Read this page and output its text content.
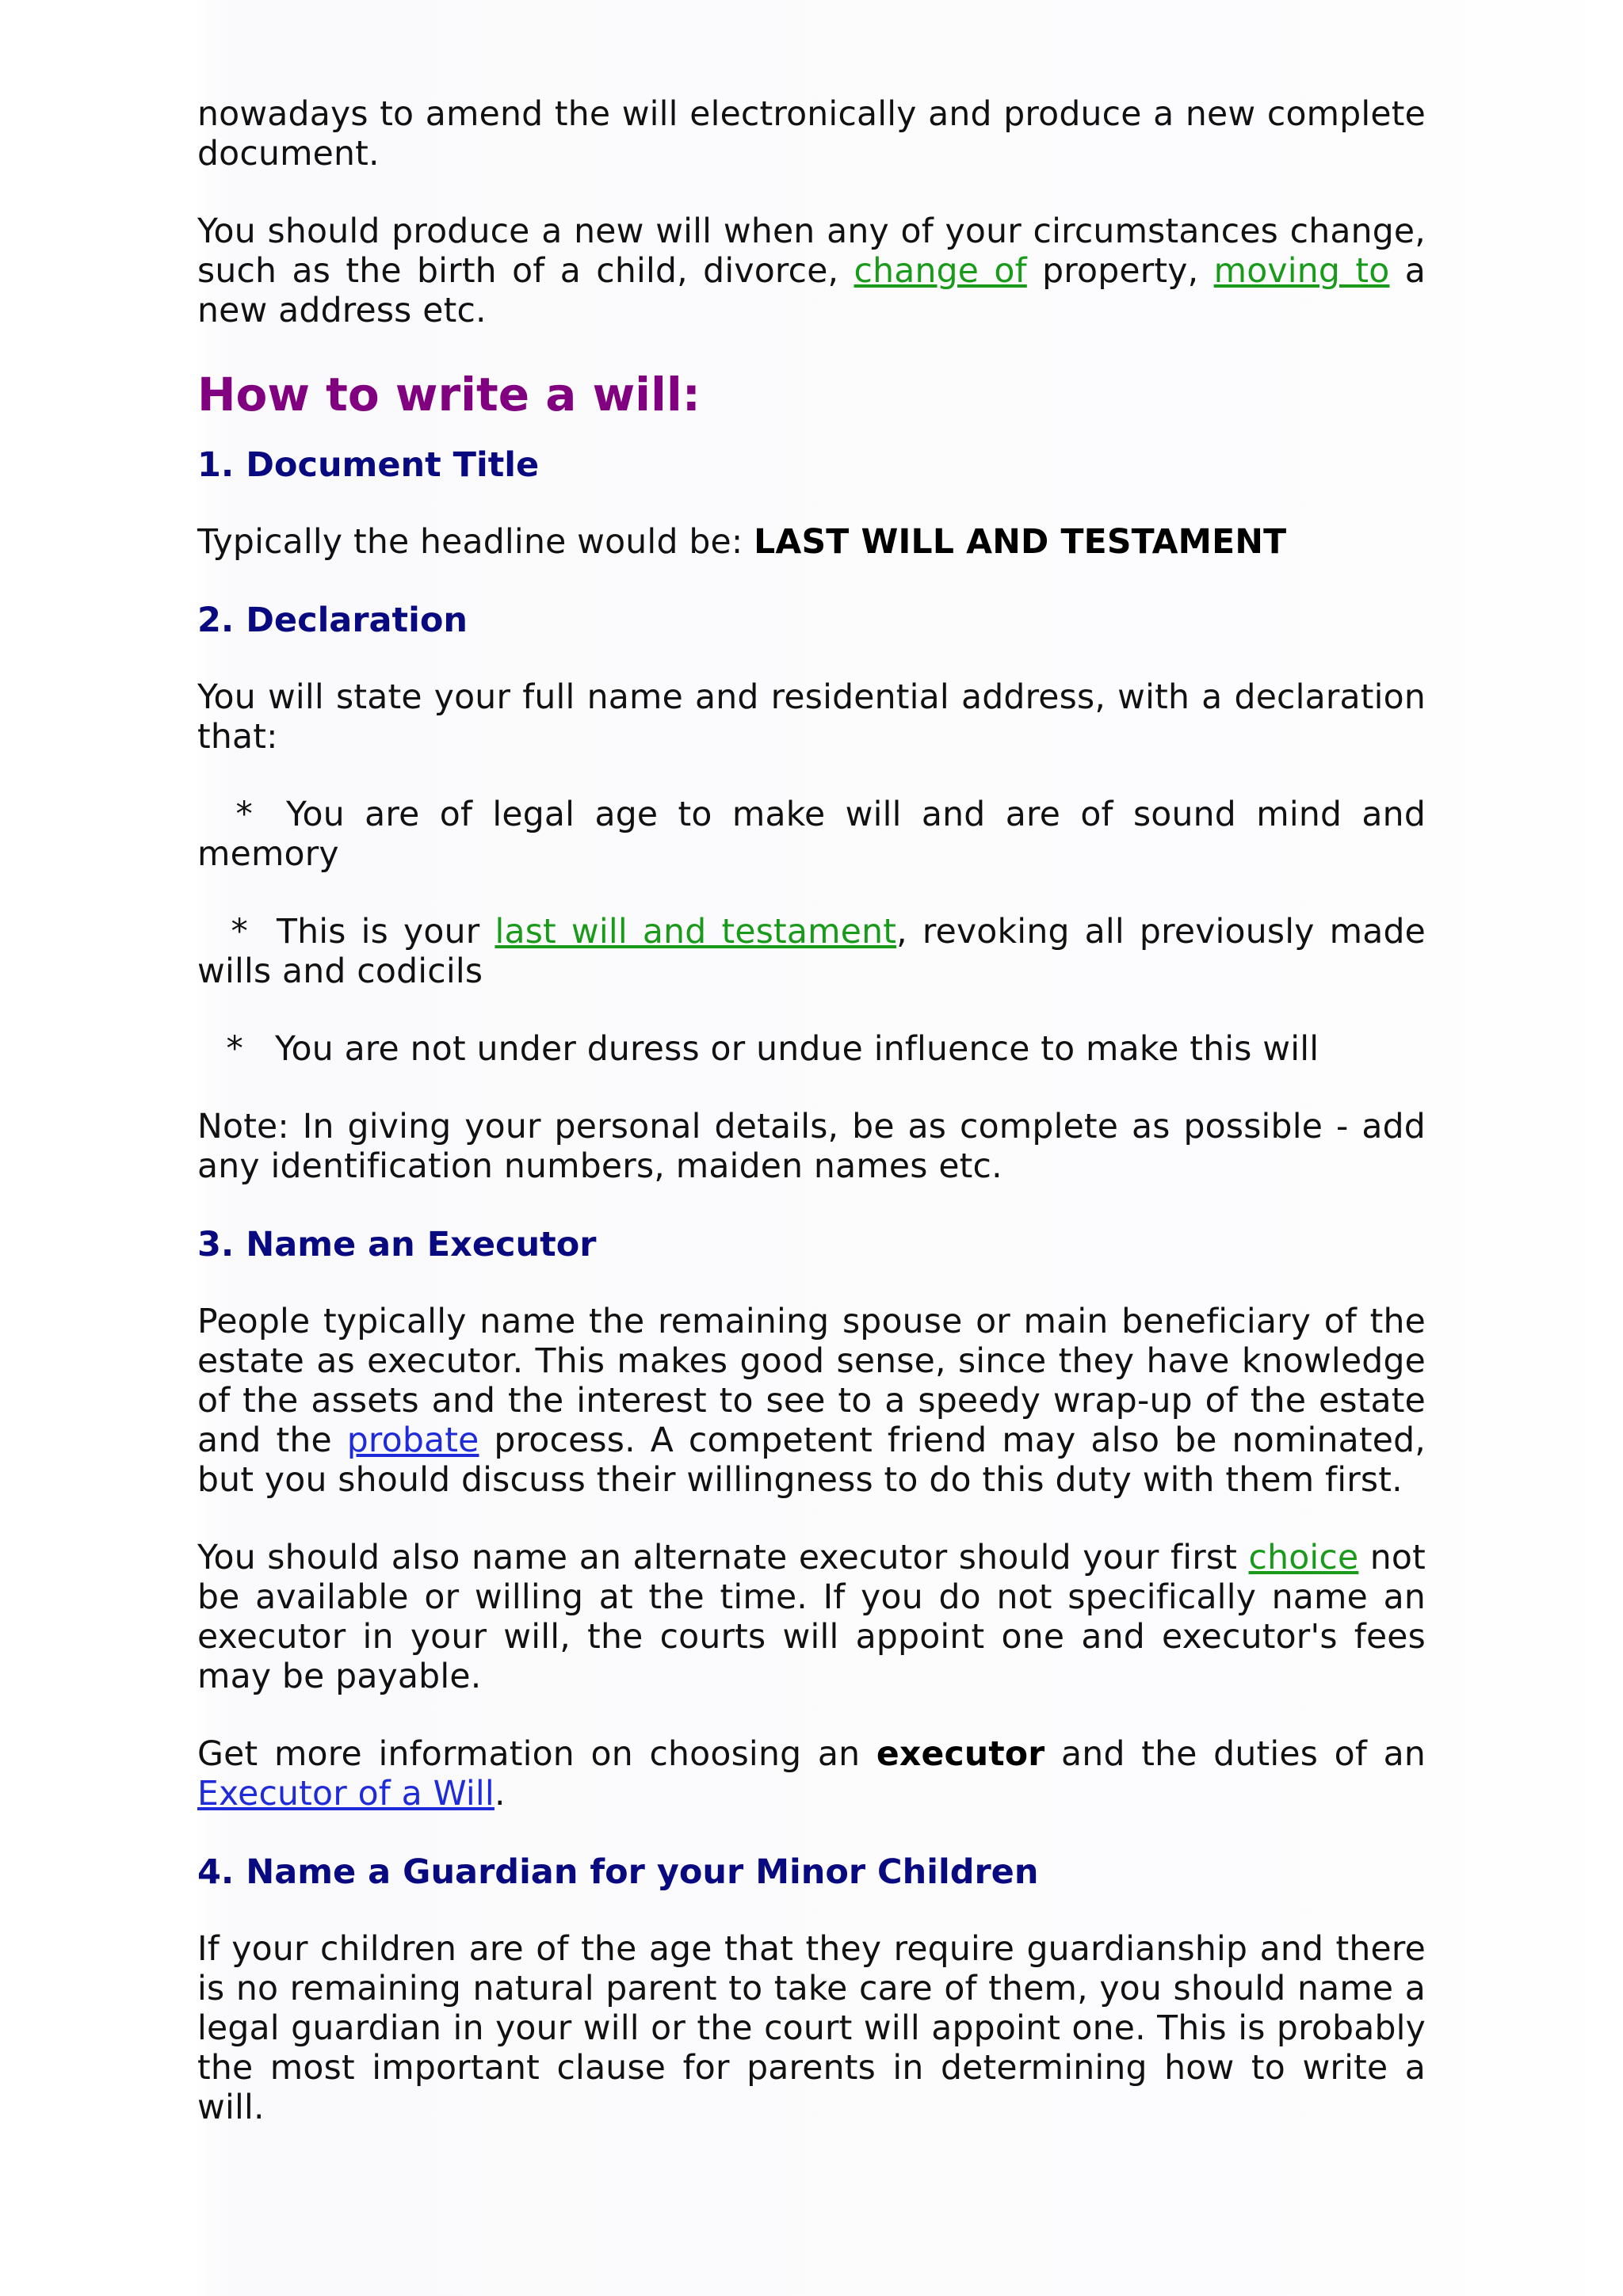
nowadays to amend the will electronically and produce a new complete document.

You should produce a new will when any of your circumstances change, such as the birth of a child, divorce, change of property, moving to a new address etc.

How to write a will:
1. Document Title

Typically the headline would be: LAST WILL AND TESTAMENT

2. Declaration

You will state your full name and residential address, with a declaration that:

* You are of legal age to make will and are of sound mind and memory

* This is your last will and testament, revoking all previously made wills and codicils

* You are not under duress or undue influence to make this will

Note: In giving your personal details, be as complete as possible - add any identification numbers, maiden names etc.

3. Name an Executor

People typically name the remaining spouse or main beneficiary of the estate as executor. This makes good sense, since they have knowledge of the assets and the interest to see to a speedy wrap-up of the estate and the probate process. A competent friend may also be nominated, but you should discuss their willingness to do this duty with them first.

You should also name an alternate executor should your first choice not be available or willing at the time. If you do not specifically name an executor in your will, the courts will appoint one and executor's fees may be payable.

Get more information on choosing an executor and the duties of an Executor of a Will.

4. Name a Guardian for your Minor Children

If your children are of the age that they require guardianship and there is no remaining natural parent to take care of them, you should name a legal guardian in your will or the court will appoint one. This is probably the most important clause for parents in determining how to write a will.
